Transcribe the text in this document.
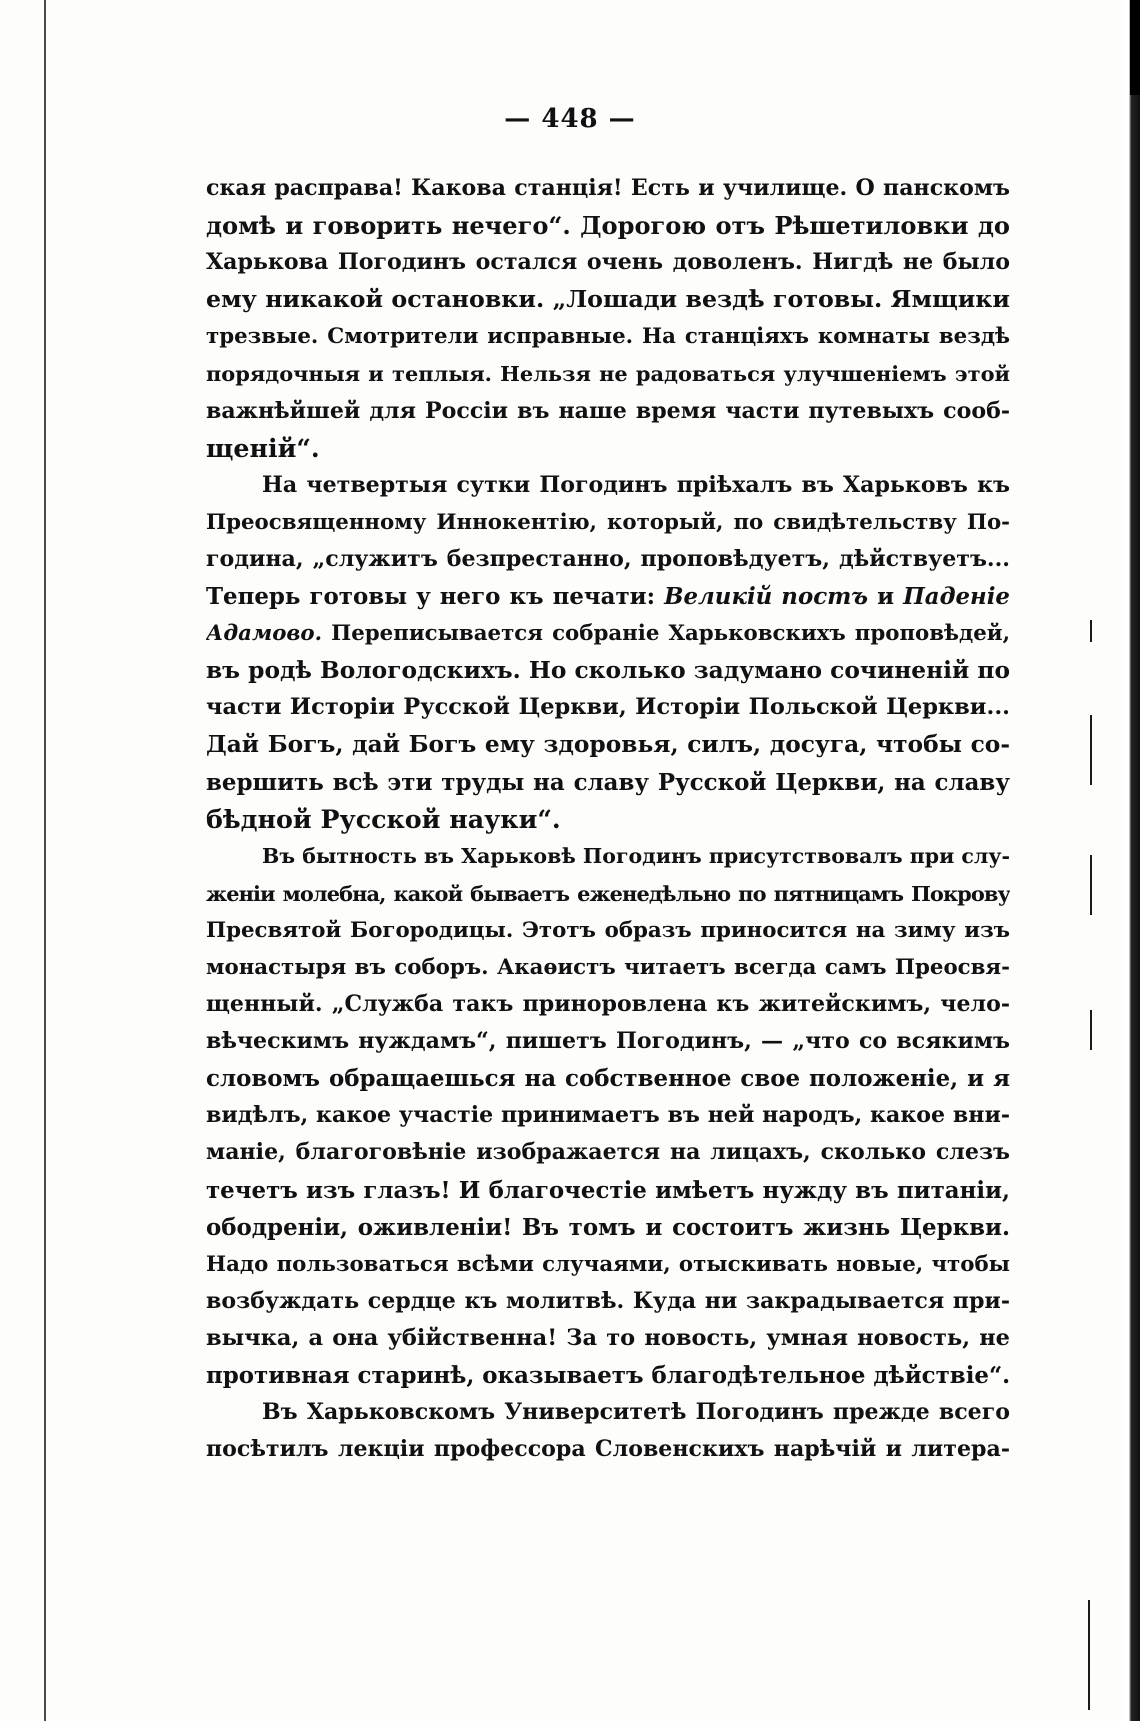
— 448 —
ская расправа! Какова станція! Есть и училище. О панскомъ
домѣ и говорить нечего“. Дорогою отъ Рѣшетиловки до
Харькова Погодинъ остался очень доволенъ. Нигдѣ не было
ему никакой остановки. „Лошади вездѣ готовы. Ямщики
трезвые. Смотрители исправные. На станціяхъ комнаты вездѣ
порядочныя и теплыя. Нельзя не радоваться улучшеніемъ этой
важнѣйшей для Россіи въ наше время части путевыхъ сооб-
щеній“.
На четвертыя сутки Погодинъ пріѣхалъ въ Харьковъ къ
Преосвященному Иннокентію, который, по свидѣтельству По-
година, „служитъ безпрестанно, проповѣдуетъ, дѣйствуетъ...
Теперь готовы у него къ печати: Великій постъ и Паденіе
Адамово. Переписывается собраніе Харьковскихъ проповѣдей,
въ родѣ Вологодскихъ. Но сколько задумано сочиненій по
части Исторіи Русской Церкви, Исторіи Польской Церкви...
Дай Богъ, дай Богъ ему здоровья, силъ, досуга, чтобы со-
вершить всѣ эти труды на славу Русской Церкви, на славу
бѣдной Русской науки“.
Въ бытность въ Харьковѣ Погодинъ присутствовалъ при слу-
женіи молебна, какой бываетъ еженедѣльно по пятницамъ Покрову
Пресвятой Богородицы. Этотъ образъ приносится на зиму изъ
монастыря въ соборъ. Акаѳистъ читаетъ всегда самъ Преосвя-
щенный. „Служба такъ приноровлена къ житейскимъ, чело-
вѣческимъ нуждамъ“, пишетъ Погодинъ, — „что со всякимъ
словомъ обращаешься на собственное свое положеніе, и я
видѣлъ, какое участіе принимаетъ въ ней народъ, какое вни-
маніе, благоговѣніе изображается на лицахъ, сколько слезъ
течетъ изъ глазъ! И благочестіе имѣетъ нужду въ питаніи,
ободреніи, оживленіи! Въ томъ и состоитъ жизнь Церкви.
Надо пользоваться всѣми случаями, отыскивать новые, чтобы
возбуждать сердце къ молитвѣ. Куда ни закрадывается при-
вычка, а она убійственна! За то новость, умная новость, не
противная старинѣ, оказываетъ благодѣтельное дѣйствіе“.
Въ Харьковскомъ Университетѣ Погодинъ прежде всего
посѣтилъ лекціи профессора Словенскихъ нарѣчій и литера-
